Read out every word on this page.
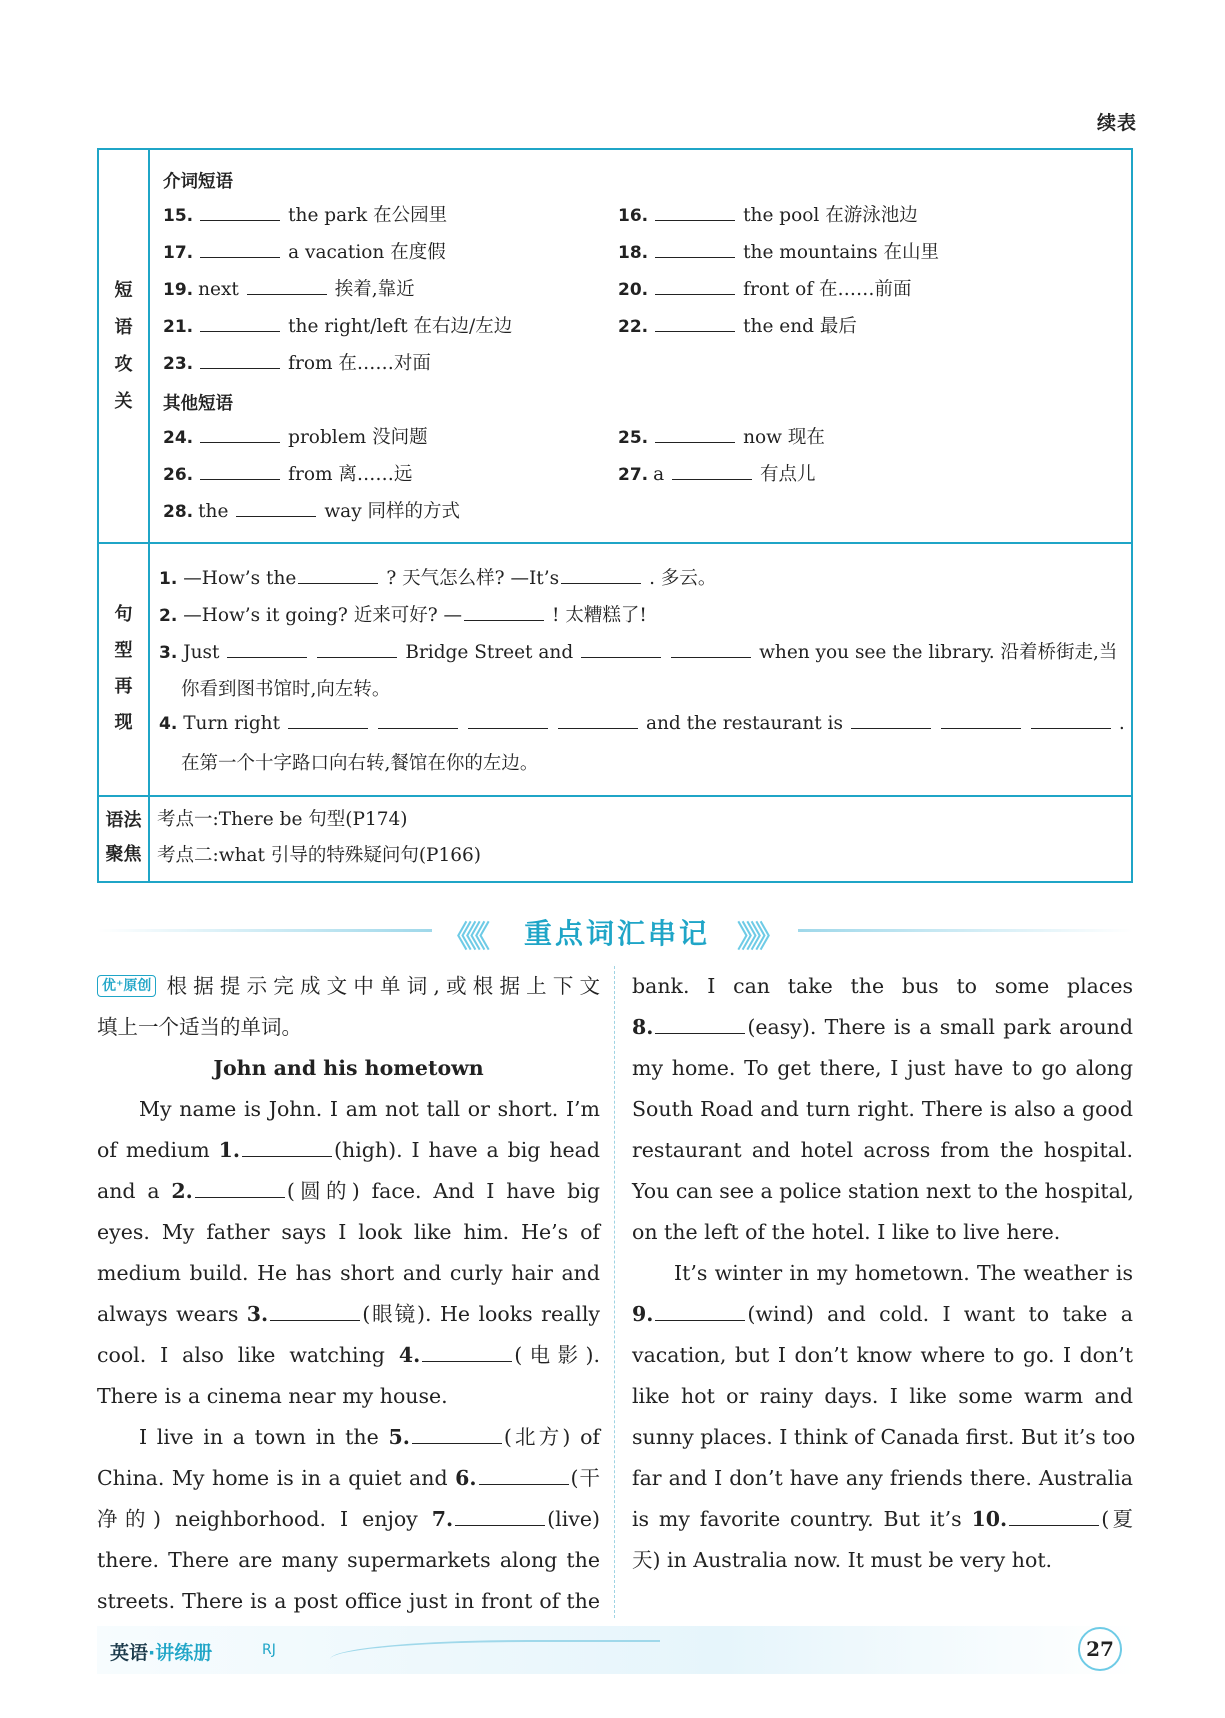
续表
短
语
攻
关
介词短语
15.	the park 在公园里	16.	the pool 在游泳池边
17.	a vacation 在度假	18.	the mountains 在山里
19. next	挨着,靠近	20.	front of 在……前面
21.	the right/left 在右边/左边	22.	the end 最后
23.	from 在……对面
其他短语
24.	problem 没问题	25.	now 现在
26.	from 离……远	27. a	有点儿
28. the	way 同样的方式
句
型
再
现
1. —How’s the	? 天气怎么样? —It’s	. 多云。
2. —How’s it going? 近来可好? —	! 太糟糕了!
3. Just	Bridge Street and	when you see the library. 沿着桥街走,当
你看到图书馆时,向左转。
4. Turn right	and the restaurant is	.
在第一个十字路口向右转,餐馆在你的左边。
语法
聚焦
考点一:There be 句型(P174)
考点二:what 引导的特殊疑问句(P166)
《《《	重点词汇串记 》》》
优⁺原创 根据提示完成文中单词,或根据上下文
填上一个适当的单词。
John and his hometown
My name is John. I am not tall or short. I’m
of medium 1.	(high). I have a big head
and a 2.	(圆的) face. And I have big
eyes. My father says I look like him. He’s of
medium build. He has short and curly hair and
always wears 3.	(眼镜). He looks really
cool. I also like watching 4.	(电影).
There is a cinema near my house.
I live in a town in the 5.	(北方) of
China. My home is in a quiet and 6.	(干
净的) neighborhood. I enjoy 7.	(live)
there. There are many supermarkets along the
streets. There is a post office just in front of the
bank. I can take the bus to some places
8.	(easy). There is a small park around
my home. To get there, I just have to go along
South Road and turn right. There is also a good
restaurant and hotel across from the hospital.
You can see a police station next to the hospital,
on the left of the hotel. I like to live here.
It’s winter in my hometown. The weather is
9.	(wind) and cold. I want to take a
vacation, but I don’t know where to go. I don’t
like hot or rainy days. I like some warm and
sunny places. I think of Canada first. But it’s too
far and I don’t have any friends there. Australia
is my favorite country. But it’s 10.	(夏
天) in Australia now. It must be very hot.
英语·讲练册	RJ	27
